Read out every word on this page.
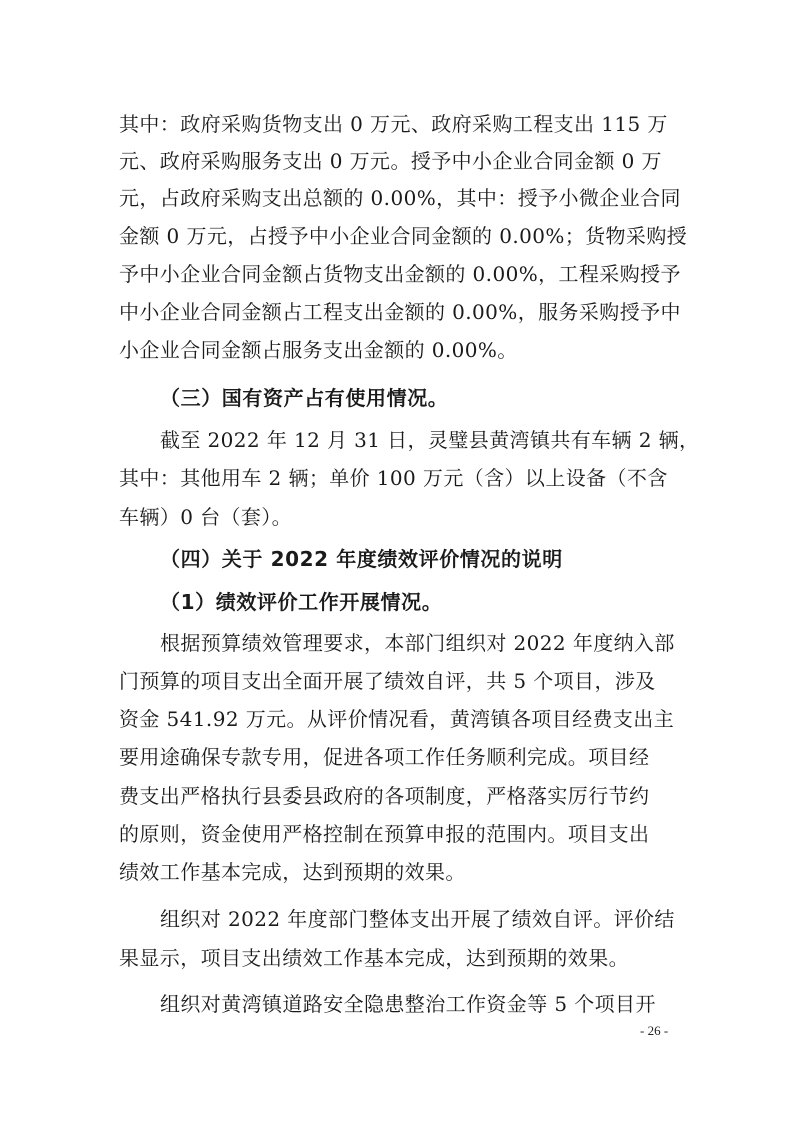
其中：政府采购货物支出 0 万元、政府采购工程支出 115 万
元、政府采购服务支出 0 万元。授予中小企业合同金额 0 万
元，占政府采购支出总额的 0.00%，其中：授予小微企业合同
金额 0 万元，占授予中小企业合同金额的 0.00%；货物采购授
予中小企业合同金额占货物支出金额的 0.00%，工程采购授予
中小企业合同金额占工程支出金额的 0.00%，服务采购授予中
小企业合同金额占服务支出金额的 0.00%。
（三）国有资产占有使用情况。
截至 2022 年 12 月 31 日，灵璧县黄湾镇共有车辆 2 辆，
其中：其他用车 2 辆；单价 100 万元（含）以上设备（不含
车辆）0 台（套）。
（四）关于 2022 年度绩效评价情况的说明
（1）绩效评价工作开展情况。
根据预算绩效管理要求，本部门组织对 2022 年度纳入部
门预算的项目支出全面开展了绩效自评，共 5 个项目，涉及
资金 541.92 万元。从评价情况看，黄湾镇各项目经费支出主
要用途确保专款专用，促进各项工作任务顺利完成。项目经
费支出严格执行县委县政府的各项制度，严格落实厉行节约
的原则，资金使用严格控制在预算申报的范围内。项目支出
绩效工作基本完成，达到预期的效果。
组织对 2022 年度部门整体支出开展了绩效自评。评价结
果显示，项目支出绩效工作基本完成，达到预期的效果。
组织对黄湾镇道路安全隐患整治工作资金等 5 个项目开
- 26 -
